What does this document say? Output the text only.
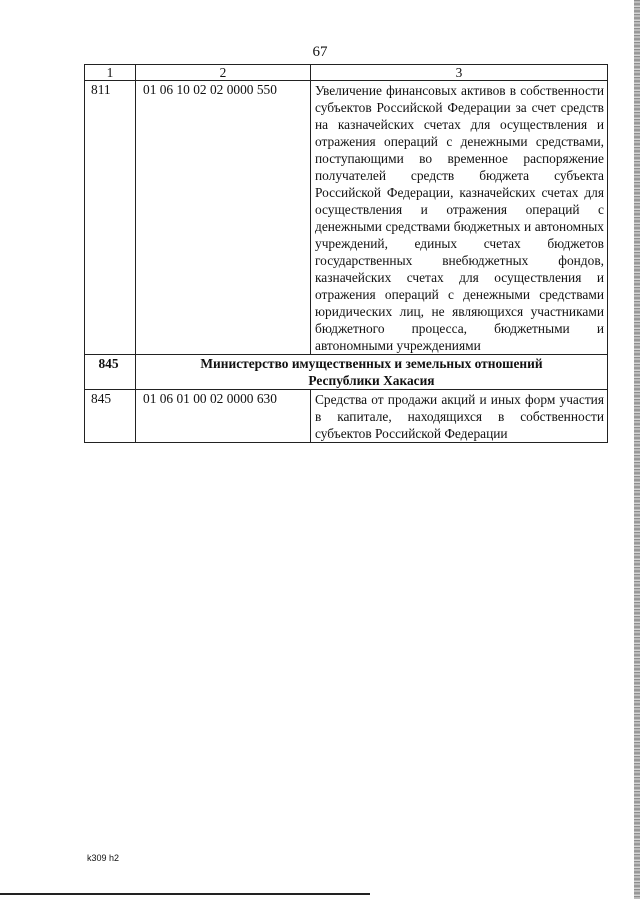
67
1	2	3
811	01 06 10 02 02 0000 550	Увеличение финансовых активов в собственности субъектов Российской Федерации за счет средств на казначейских счетах для осуществления и отражения операций с денежными средствами, поступающими во временное распоряжение получателей средств бюджета субъекта Российской Федерации, казначейских счетах для осуществления и отражения операций с денежными средствами бюджетных и автономных учреждений, единых счетах бюджетов государственных внебюджетных фондов, казначейских счетах для осуществления и отражения операций с денежными средствами юридических лиц, не являющихся участниками бюджетного процесса, бюджетными и автономными учреждениями
845	Министерство имущественных и земельных отношений
Республики Хакасия	

845	01 06 01 00 02 0000 630	Средства от продажи акций и иных форм участия в капитале, находящихся в собственности субъектов Российской Федерации
k309 h2
